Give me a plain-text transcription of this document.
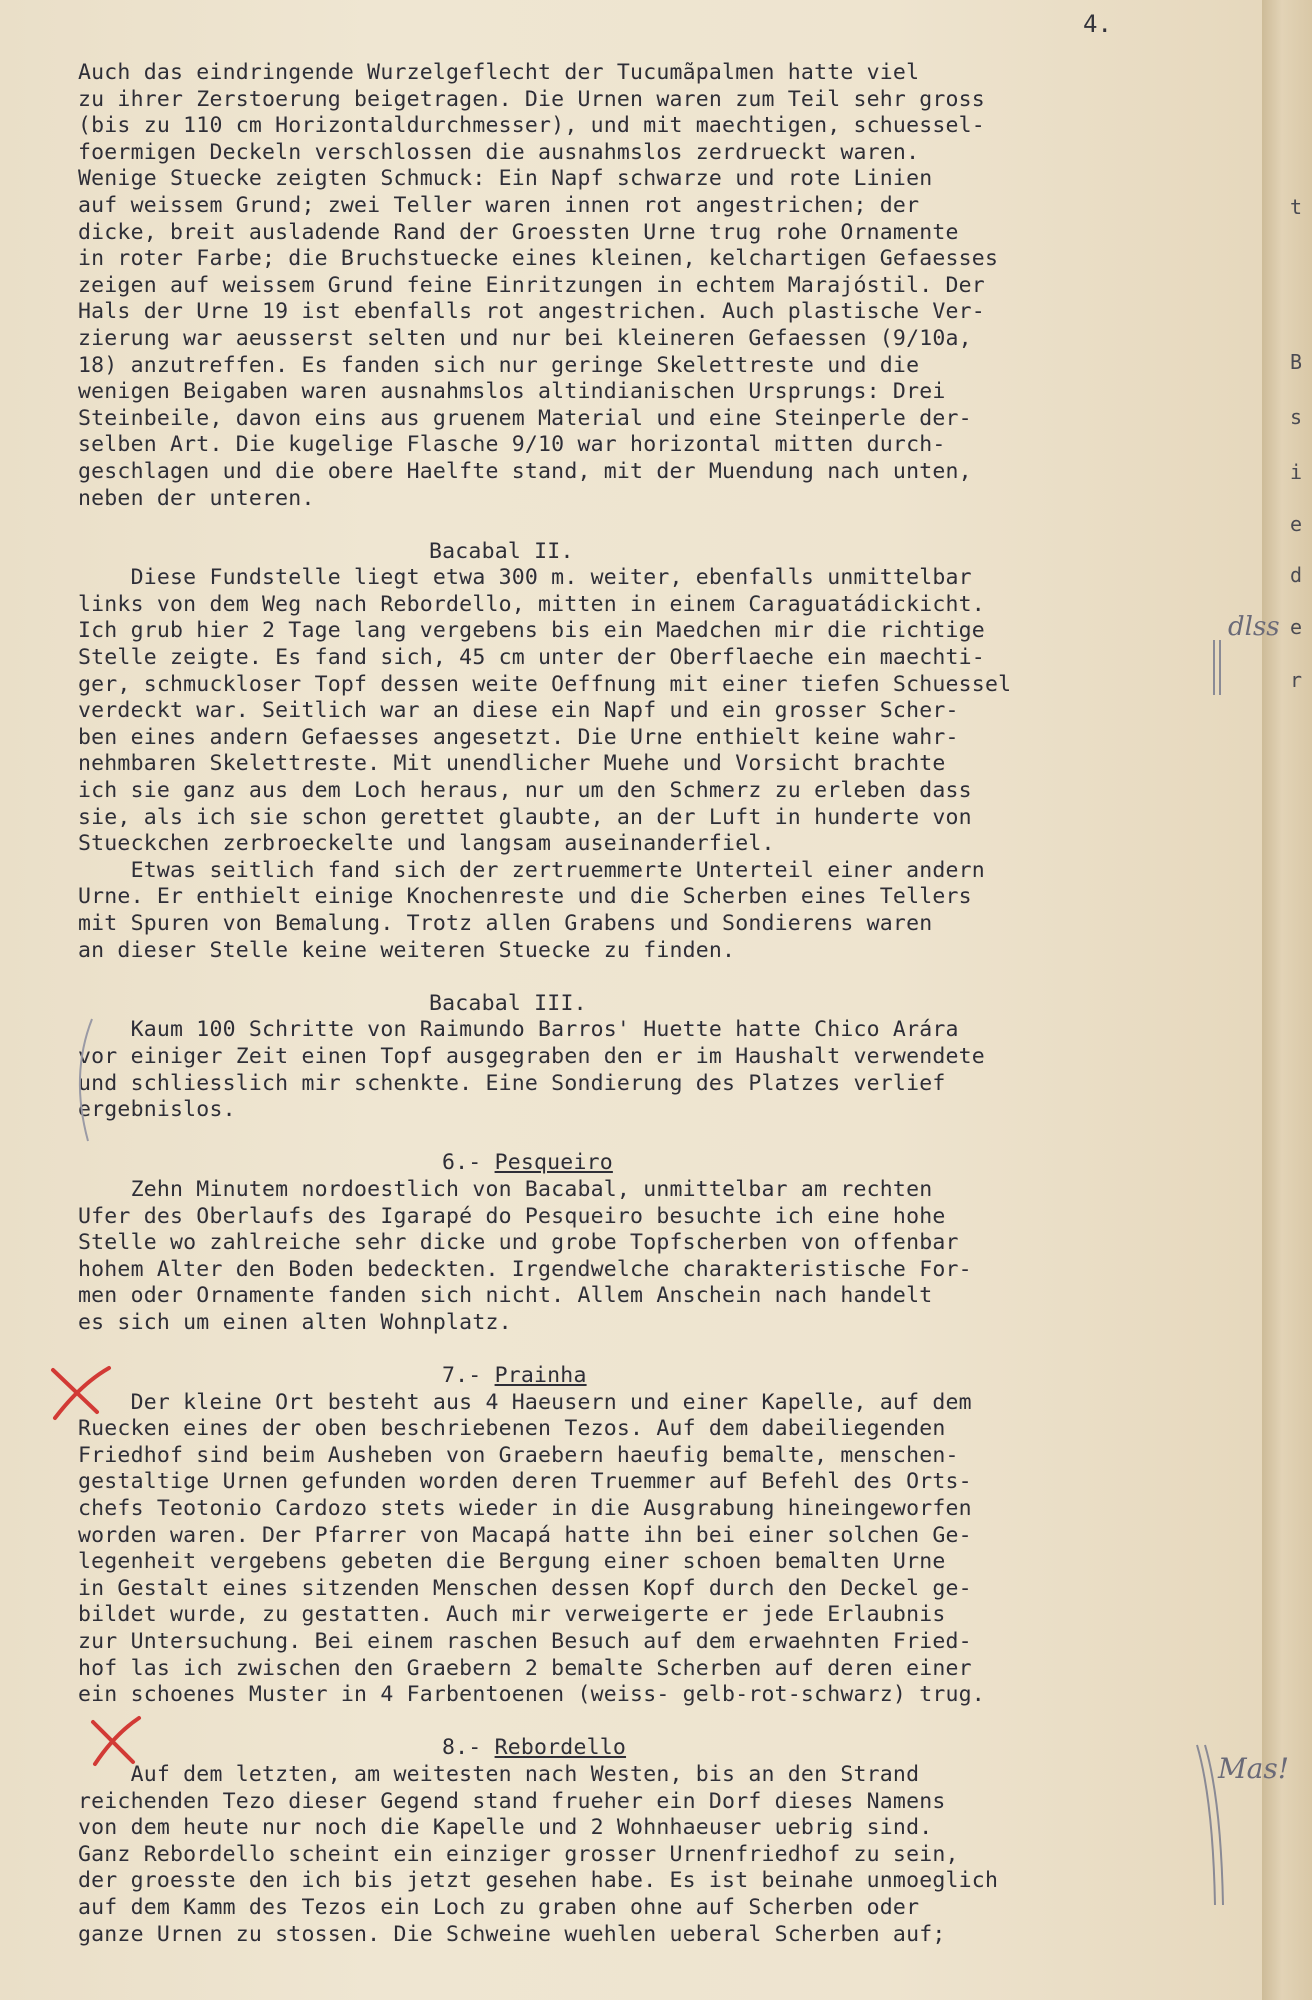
t
B
s
i
e
d
e
r
4.
Auch das eindringende Wurzelgeflecht der Tucumãpalmen hatte viel
zu ihrer Zerstoerung beigetragen. Die Urnen waren zum Teil sehr gross
(bis zu 110 cm Horizontaldurchmesser), und mit maechtigen, schuessel-
foermigen Deckeln verschlossen die ausnahmslos zerdrueckt waren.
Wenige Stuecke zeigten Schmuck: Ein Napf schwarze und rote Linien
auf weissem Grund; zwei Teller waren innen rot angestrichen; der
dicke, breit ausladende Rand der Groessten Urne trug rohe Ornamente
in roter Farbe; die Bruchstuecke eines kleinen, kelchartigen Gefaesses
zeigen auf weissem Grund feine Einritzungen in echtem Marajóstil. Der
Hals der Urne 19 ist ebenfalls rot angestrichen. Auch plastische Ver-
zierung war aeusserst selten und nur bei kleineren Gefaessen (9/10a,
18) anzutreffen. Es fanden sich nur geringe Skelettreste und die
wenigen Beigaben waren ausnahmslos altindianischen Ursprungs: Drei
Steinbeile, davon eins aus gruenem Material und eine Steinperle der-
selben Art. Die kugelige Flasche 9/10 war horizontal mitten durch-
geschlagen und die obere Haelfte stand, mit der Muendung nach unten,
neben der unteren.
Bacabal II.
Diese Fundstelle liegt etwa 300 m. weiter, ebenfalls unmittelbar
links von dem Weg nach Rebordello, mitten in einem Caraguatádickicht.
Ich grub hier 2 Tage lang vergebens bis ein Maedchen mir die richtige
Stelle zeigte. Es fand sich, 45 cm unter der Oberflaeche ein maechti-
ger, schmuckloser Topf dessen weite Oeffnung mit einer tiefen Schuessel
verdeckt war. Seitlich war an diese ein Napf und ein grosser Scher-
ben eines andern Gefaesses angesetzt. Die Urne enthielt keine wahr-
nehmbaren Skelettreste. Mit unendlicher Muehe und Vorsicht brachte
ich sie ganz aus dem Loch heraus, nur um den Schmerz zu erleben dass
sie, als ich sie schon gerettet glaubte, an der Luft in hunderte von
Stueckchen zerbroeckelte und langsam auseinanderfiel.
Etwas seitlich fand sich der zertruemmerte Unterteil einer andern
Urne. Er enthielt einige Knochenreste und die Scherben eines Tellers
mit Spuren von Bemalung. Trotz allen Grabens und Sondierens waren
an dieser Stelle keine weiteren Stuecke zu finden.
Bacabal III.
Kaum 100 Schritte von Raimundo Barros' Huette hatte Chico Arára
vor einiger Zeit einen Topf ausgegraben den er im Haushalt verwendete
und schliesslich mir schenkte. Eine Sondierung des Platzes verlief
ergebnislos.
6.- Pesqueiro
Zehn Minutem nordoestlich von Bacabal, unmittelbar am rechten
Ufer des Oberlaufs des Igarapé do Pesqueiro besuchte ich eine hohe
Stelle wo zahlreiche sehr dicke und grobe Topfscherben von offenbar
hohem Alter den Boden bedeckten. Irgendwelche charakteristische For-
men oder Ornamente fanden sich nicht. Allem Anschein nach handelt
es sich um einen alten Wohnplatz.
7.- Prainha
Der kleine Ort besteht aus 4 Haeusern und einer Kapelle, auf dem
Ruecken eines der oben beschriebenen Tezos. Auf dem dabeiliegenden
Friedhof sind beim Ausheben von Graebern haeufig bemalte, menschen-
gestaltige Urnen gefunden worden deren Truemmer auf Befehl des Orts-
chefs Teotonio Cardozo stets wieder in die Ausgrabung hineingeworfen
worden waren. Der Pfarrer von Macapá hatte ihn bei einer solchen Ge-
legenheit vergebens gebeten die Bergung einer schoen bemalten Urne
in Gestalt eines sitzenden Menschen dessen Kopf durch den Deckel ge-
bildet wurde, zu gestatten. Auch mir verweigerte er jede Erlaubnis
zur Untersuchung. Bei einem raschen Besuch auf dem erwaehnten Fried-
hof las ich zwischen den Graebern 2 bemalte Scherben auf deren einer
ein schoenes Muster in 4 Farbentoenen (weiss- gelb-rot-schwarz) trug.
8.- Rebordello
Auf dem letzten, am weitesten nach Westen, bis an den Strand
reichenden Tezo dieser Gegend stand frueher ein Dorf dieses Namens
von dem heute nur noch die Kapelle und 2 Wohnhaeuser uebrig sind.
Ganz Rebordello scheint ein einziger grosser Urnenfriedhof zu sein,
der groesste den ich bis jetzt gesehen habe. Es ist beinahe unmoeglich
auf dem Kamm des Tezos ein Loch zu graben ohne auf Scherben oder
ganze Urnen zu stossen. Die Schweine wuehlen ueberal Scherben auf;
dlss
Mas!
